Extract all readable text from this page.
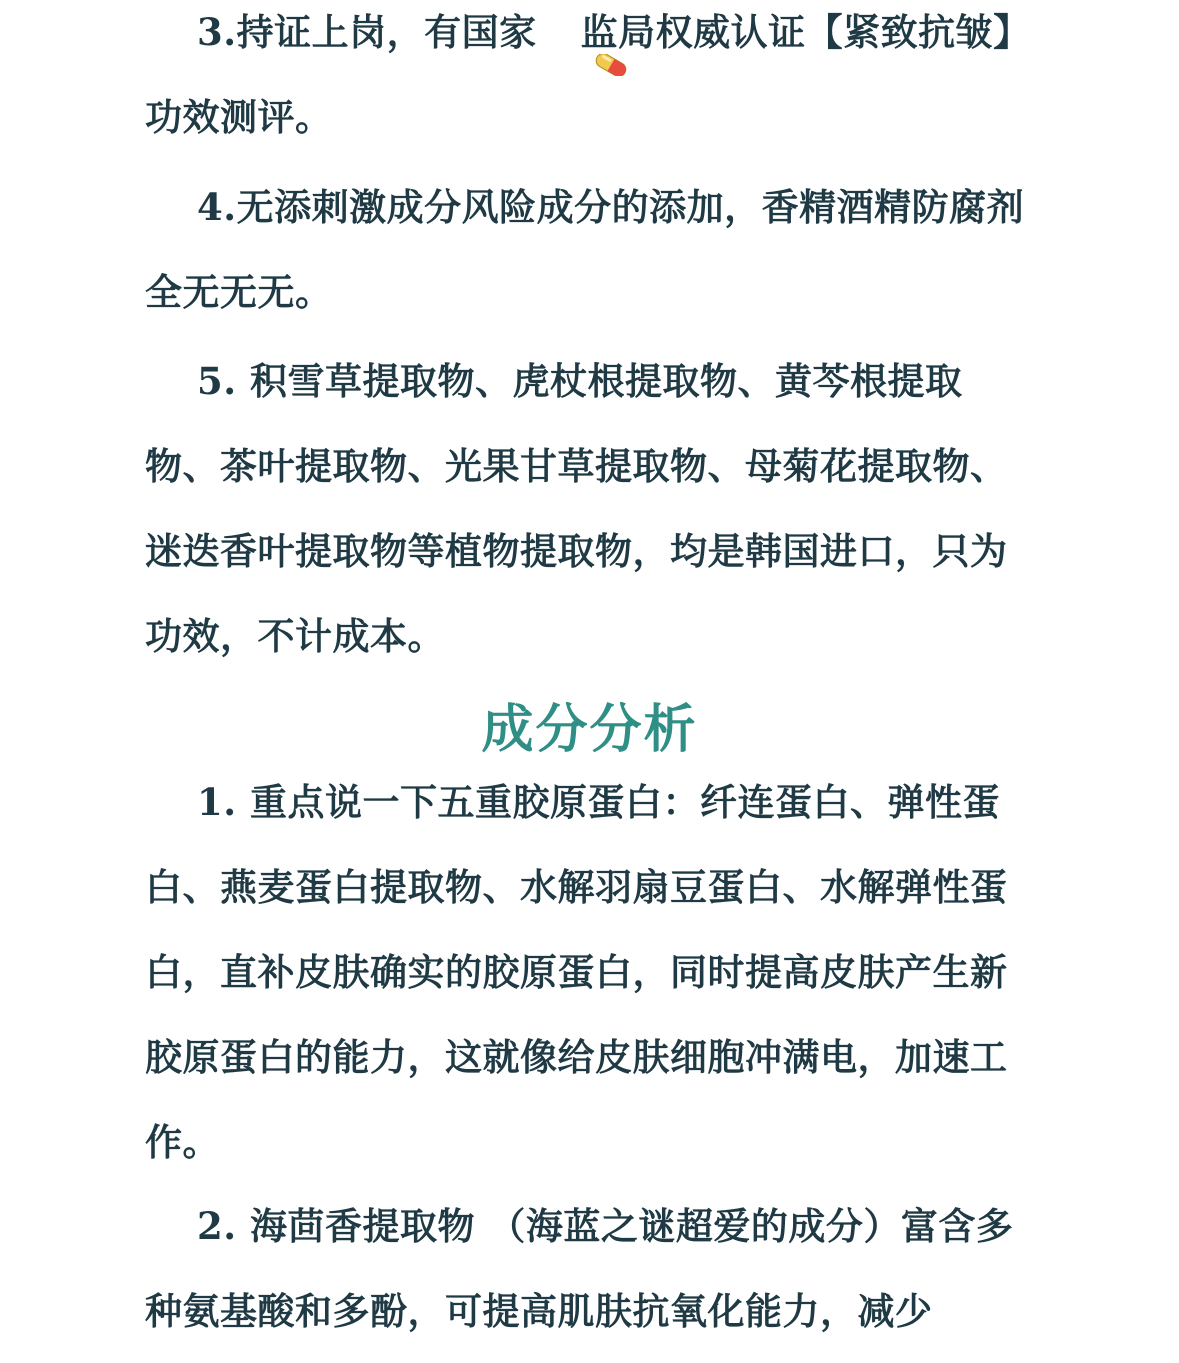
3.持证上岗，有国家 监局权威认证【紧致抗皱】功效测评。
4.无添刺激成分风险成分的添加，香精酒精防腐剂全无无无。
5. 积雪草提取物、虎杖根提取物、黄芩根提取物、茶叶提取物、光果甘草提取物、母菊花提取物、迷迭香叶提取物等植物提取物，均是韩国进口，只为功效，不计成本。
成分分析
1. 重点说一下五重胶原蛋白：纤连蛋白、弹性蛋白、燕麦蛋白提取物、水解羽扇豆蛋白、水解弹性蛋白，直补皮肤确实的胶原蛋白，同时提高皮肤产生新胶原蛋白的能力，这就像给皮肤细胞冲满电，加速工作。
2. 海茴香提取物 （海蓝之谜超爱的成分）富含多种氨基酸和多酚，可提高肌肤抗氧化能力，减少
